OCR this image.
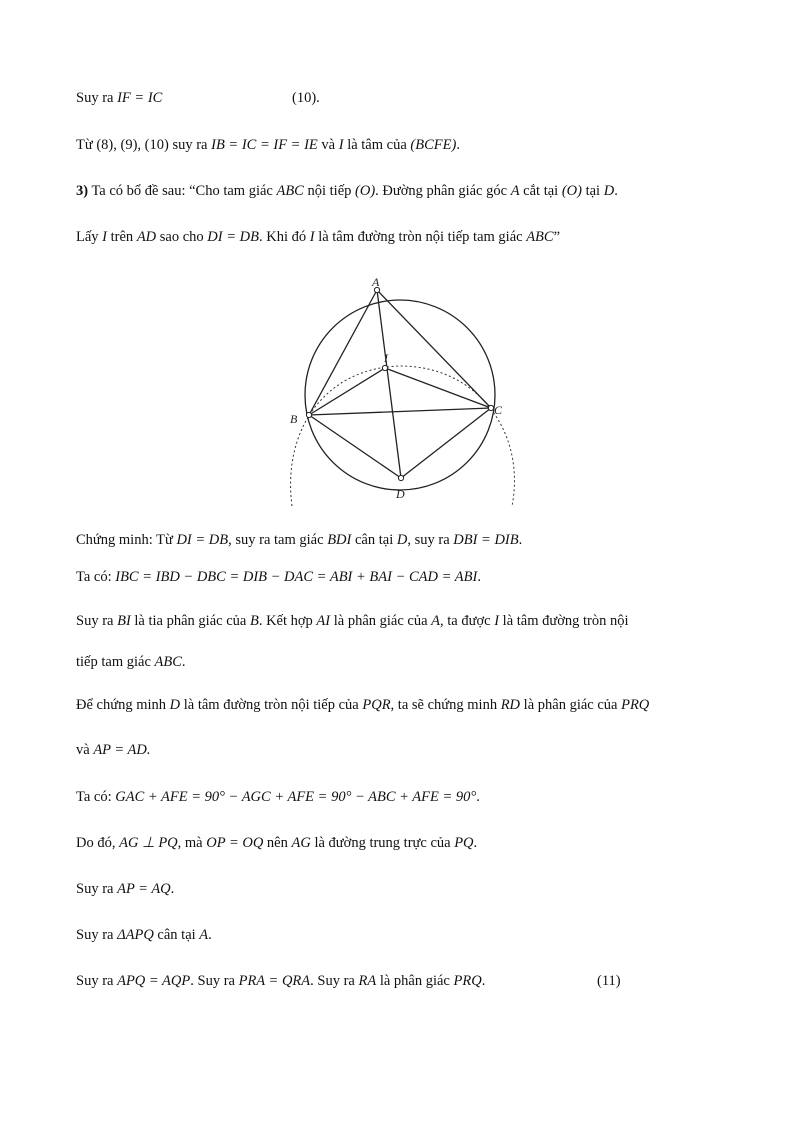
Suy ra IF = IC	(10).
Từ (8), (9), (10) suy ra IB = IC = IF = IE và I là tâm của (BCFE).
3) Ta có bổ đề sau: “Cho tam giác ABC nội tiếp (O). Đường phân giác góc A cắt tại (O) tại D.
Lấy I trên AD sao cho DI = DB. Khi đó I là tâm đường tròn nội tiếp tam giác ABC”
A
I
B
C
D
Chứng minh: Từ DI = DB, suy ra tam giác BDI cân tại D, suy ra DBI = DIB.
Ta có: IBC = IBD − DBC = DIB − DAC = ABI + BAI − CAD = ABI.
Suy ra BI là tia phân giác của B. Kết hợp AI là phân giác của A, ta được I là tâm đường tròn nội
tiếp tam giác ABC.
Để chứng minh D là tâm đường tròn nội tiếp của PQR, ta sẽ chứng minh RD là phân giác của PRQ
và AP = AD.
Ta có: GAC + AFE = 90° − AGC + AFE = 90° − ABC + AFE = 90°.
Do đó, AG ⊥ PQ, mà OP = OQ nên AG là đường trung trực của PQ.
Suy ra AP = AQ.
Suy ra ΔAPQ cân tại A.
Suy ra APQ = AQP. Suy ra PRA = QRA. Suy ra RA là phân giác PRQ.	(11)
